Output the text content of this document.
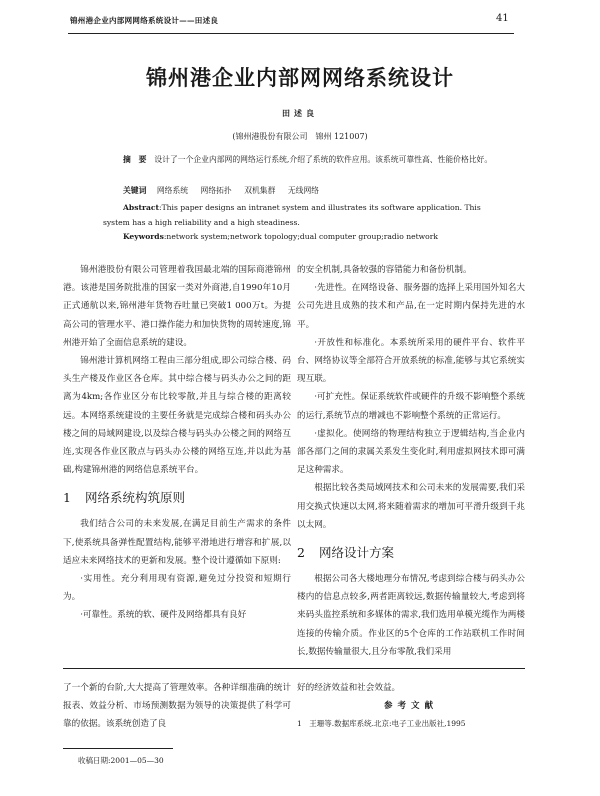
锦州港企业内部网网络系统设计——田述良	41
锦州港企业内部网网络系统设计
田述良
(锦州港股份有限公司　锦州 121007)
摘　要 设计了一个企业内部网的网络运行系统,介绍了系统的软件应用。该系统可靠性高、性能价格比好。
关键词 网络系统 网络拓扑 双机集群 无线网络
Abstract:This paper designs an intranet system and illustrates its software application. This system has a high reliability and a high steadiness.
Keywords:network system;network topology;dual computer group;radio network

锦州港股份有限公司管理着我国最北端的国际商港锦州港。该港是国务院批准的国家一类对外商港,自1990年10月正式通航以来,锦州港年货物吞吐量已突破1 000万t。为提高公司的管理水平、港口操作能力和加快货物的周转速度,锦州港开始了全面信息系统的建设。

锦州港计算机网络工程由三部分组成,即公司综合楼、码头生产楼及作业区各仓库。其中综合楼与码头办公之间的距离为4km;各作业区分布比较零散,并且与综合楼的距离较远。本网络系统建设的主要任务就是完成综合楼和码头办公楼之间的局域网建设,以及综合楼与码头办公楼之间的网络互连,实现各作业区散点与码头办公楼的网络互连,并以此为基础,构建锦州港的网络信息系统平台。

1 网络系统构筑原则

我们结合公司的未来发展,在满足目前生产需求的条件下,使系统具备弹性配置结构,能够平滑地进行增容和扩展,以适应未来网络技术的更新和发展。整个设计遵循如下原则:

·实用性。充分利用现有资源,避免过分投资和短期行为。

·可靠性。系统的软、硬件及网络都具有良好

的安全机制,具备较强的容错能力和备份机制。

·先进性。在网络设备、服务器的选择上采用国外知名大公司先进且成熟的技术和产品,在一定时期内保持先进的水平。

·开放性和标准化。本系统所采用的硬件平台、软件平台、网络协议等全部符合开放系统的标准,能够与其它系统实现互联。

·可扩充性。保证系统软件或硬件的升级不影响整个系统的运行,系统节点的增减也不影响整个系统的正常运行。

·虚拟化。使网络的物理结构独立于逻辑结构,当企业内部各部门之间的隶属关系发生变化时,利用虚拟网技术即可满足这种需求。

根据比较各类局域网技术和公司未来的发展需要,我们采用交换式快速以太网,将来随着需求的增加可平滑升级到千兆以太网。

2 网络设计方案

根据公司各大楼地理分布情况,考虑到综合楼与码头办公楼内的信息点较多,两者距离较远,数据传输量较大,考虑到将来码头监控系统和多媒体的需求,我们选用单模光缆作为两楼连接的传输介质。作业区的5个仓库的工作站联机工作时间长,数据传输量很大,且分布零散,我们采用

了一个新的台阶,大大提高了管理效率。各种详细准确的统计报表、效益分析、市场预测数据为领导的决策提供了科学可靠的依据。该系统创造了良

好的经济效益和社会效益。

参考文献

1　王珊等.数据库系统.北京:电子工业出版社,1995

收稿日期:2001—05—30
